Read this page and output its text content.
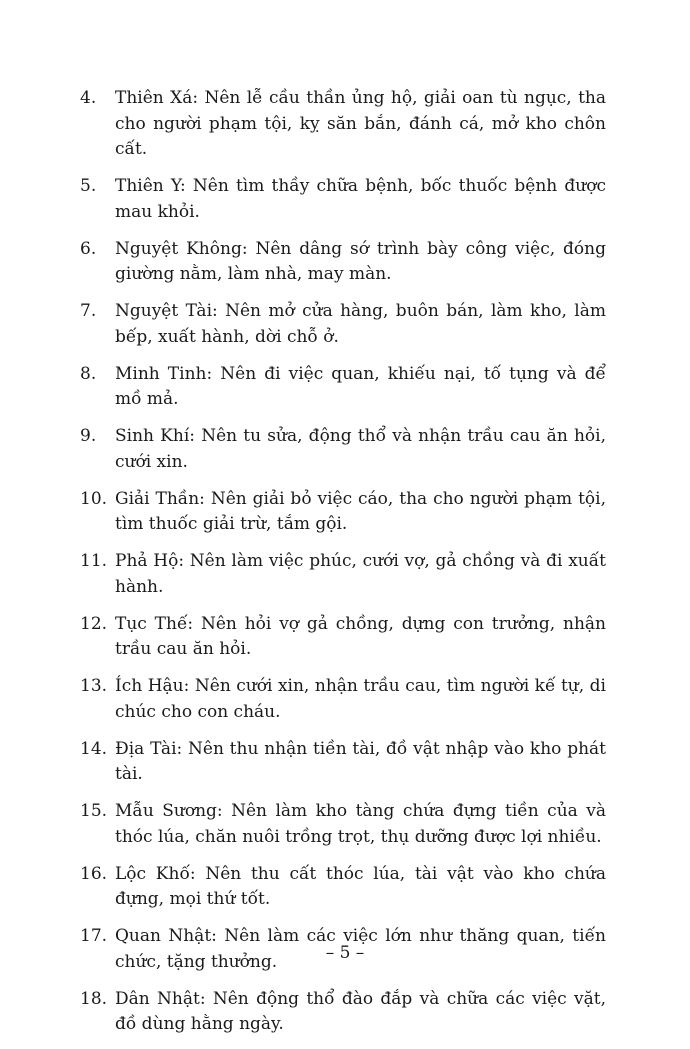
4.	Thiên Xá: Nên lễ cầu thần ủng hộ, giải oan tù ngục, tha cho người phạm tội, kỵ săn bắn, đánh cá, mở kho chôn cất.
5.	Thiên Y: Nên tìm thầy chữa bệnh, bốc thuốc bệnh được mau khỏi.
6.	Nguyệt Không: Nên dâng sớ trình bày công việc, đóng giường nằm, làm nhà, may màn.
7.	Nguyệt Tài: Nên mở cửa hàng, buôn bán, làm kho, làm bếp, xuất hành, dời chỗ ở.
8.	Minh Tinh: Nên đi việc quan, khiếu nại, tố tụng và để mồ mả.
9.	Sinh Khí: Nên tu sửa, động thổ và nhận trầu cau ăn hỏi, cưới xin.
10. Giải Thần: Nên giải bỏ việc cáo, tha cho người phạm tội, tìm thuốc giải trừ, tắm gội.
11. Phả Hộ: Nên làm việc phúc, cưới vợ, gả chồng và đi xuất hành.
12. Tục Thế: Nên hỏi vợ gả chồng, dựng con trưởng, nhận trầu cau ăn hỏi.
13. Ích Hậu: Nên cưới xin, nhận trầu cau, tìm người kế tự, di chúc cho con cháu.
14. Địa Tài: Nên thu nhận tiền tài, đồ vật nhập vào kho phát tài.
15. Mẫu Sương: Nên làm kho tàng chứa đựng tiền của và thóc lúa, chăn nuôi trồng trọt, thụ dưỡng được lợi nhiều.
16. Lộc Khố: Nên thu cất thóc lúa, tài vật vào kho chứa đựng, mọi thứ tốt.
17. Quan Nhật: Nên làm các việc lớn như thăng quan, tiến chức, tặng thưởng.
18. Dân Nhật: Nên động thổ đào đắp và chữa các việc vặt, đồ dùng hằng ngày.
– 5 –
